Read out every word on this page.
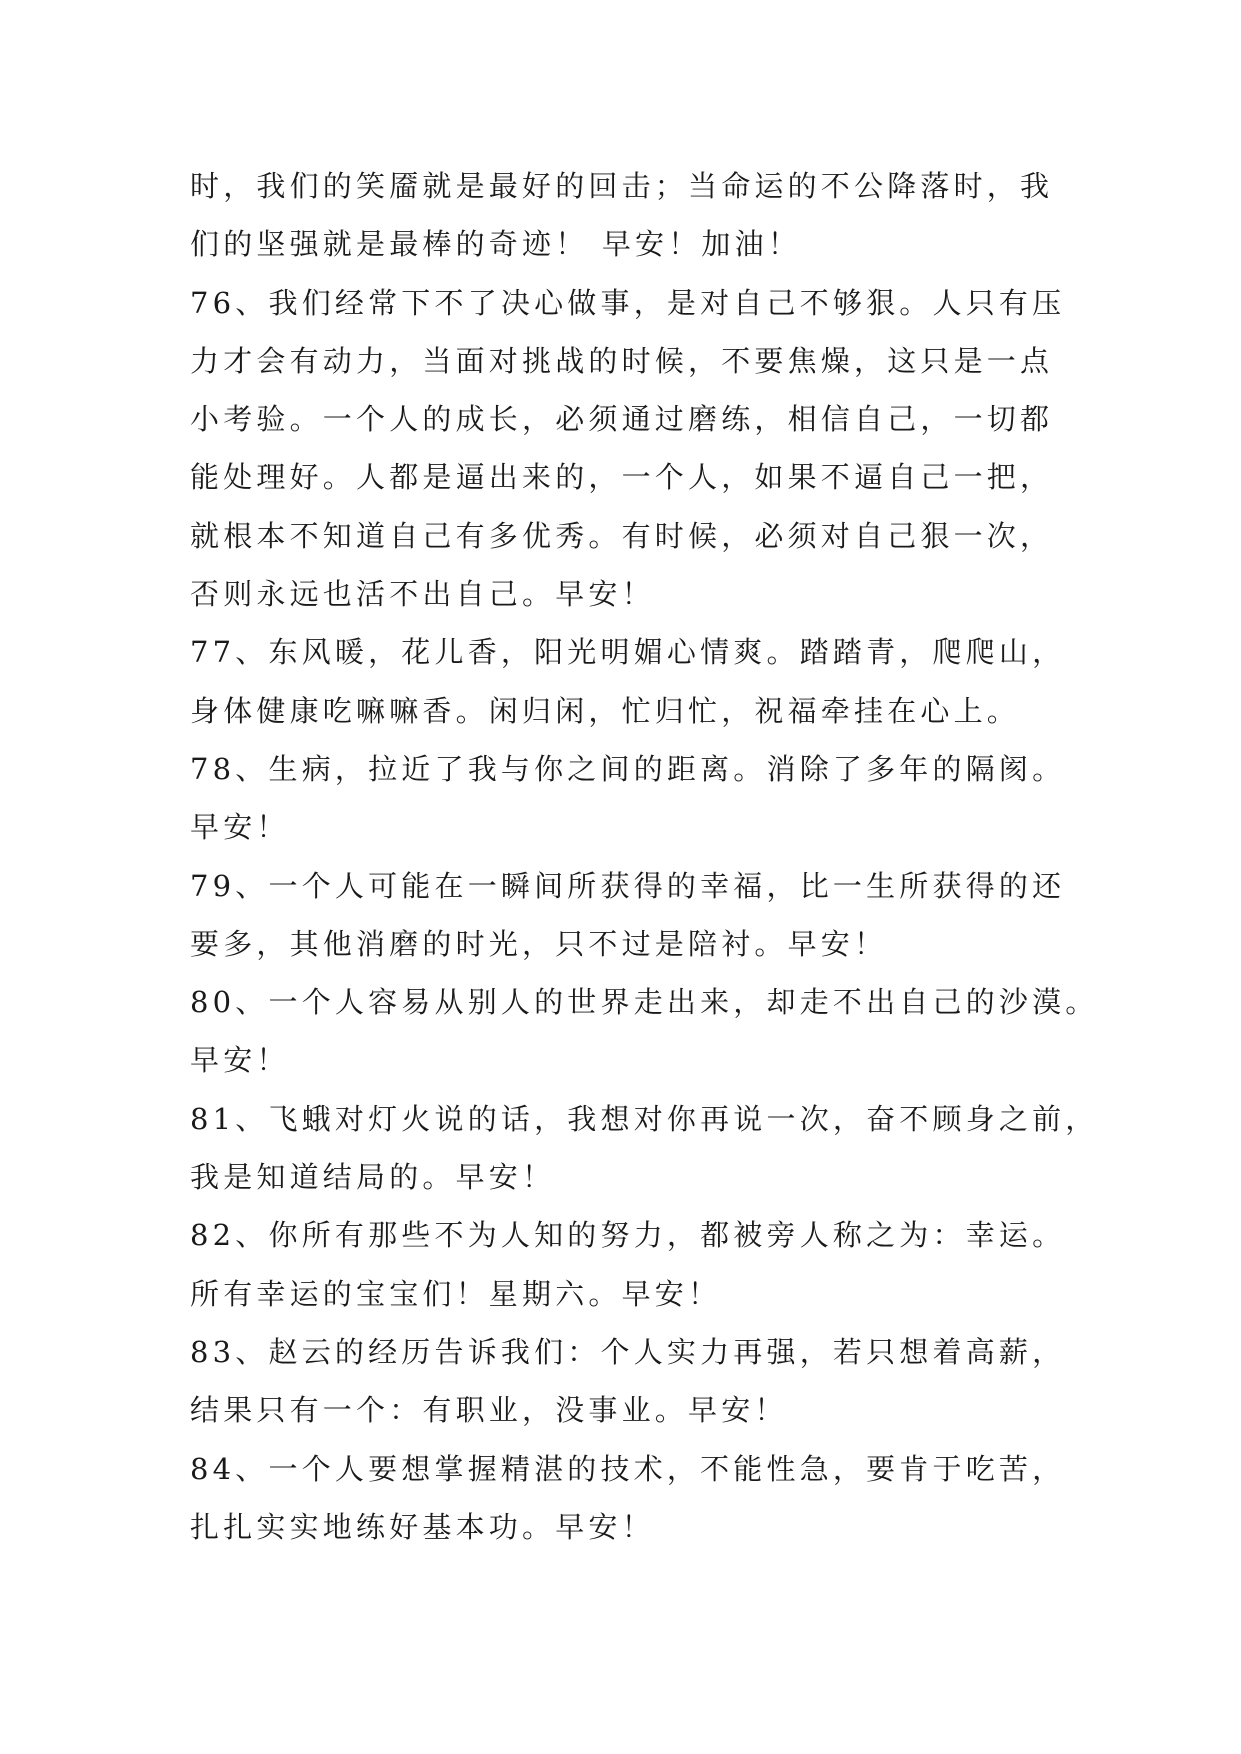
时，我们的笑靥就是最好的回击；当命运的不公降落时，我
们的坚强就是最棒的奇迹！ 早安！加油！
76、我们经常下不了决心做事，是对自己不够狠。人只有压
力才会有动力，当面对挑战的时候，不要焦燥，这只是一点
小考验。一个人的成长，必须通过磨练，相信自己，一切都
能处理好。人都是逼出来的，一个人，如果不逼自己一把，
就根本不知道自己有多优秀。有时候，必须对自己狠一次，
否则永远也活不出自己。早安！
77、东风暖，花儿香，阳光明媚心情爽。踏踏青，爬爬山，
身体健康吃嘛嘛香。闲归闲，忙归忙，祝福牵挂在心上。
78、生病，拉近了我与你之间的距离。消除了多年的隔阂。
早安！
79、一个人可能在一瞬间所获得的幸福，比一生所获得的还
要多，其他消磨的时光，只不过是陪衬。早安！
80、一个人容易从别人的世界走出来，却走不出自己的沙漠。
早安！
81、飞蛾对灯火说的话，我想对你再说一次，奋不顾身之前，
我是知道结局的。早安！
82、你所有那些不为人知的努力，都被旁人称之为：幸运。
所有幸运的宝宝们！星期六。早安！
83、赵云的经历告诉我们：个人实力再强，若只想着高薪，
结果只有一个：有职业，没事业。早安！
84、一个人要想掌握精湛的技术，不能性急，要肯于吃苦，
扎扎实实地练好基本功。早安！
